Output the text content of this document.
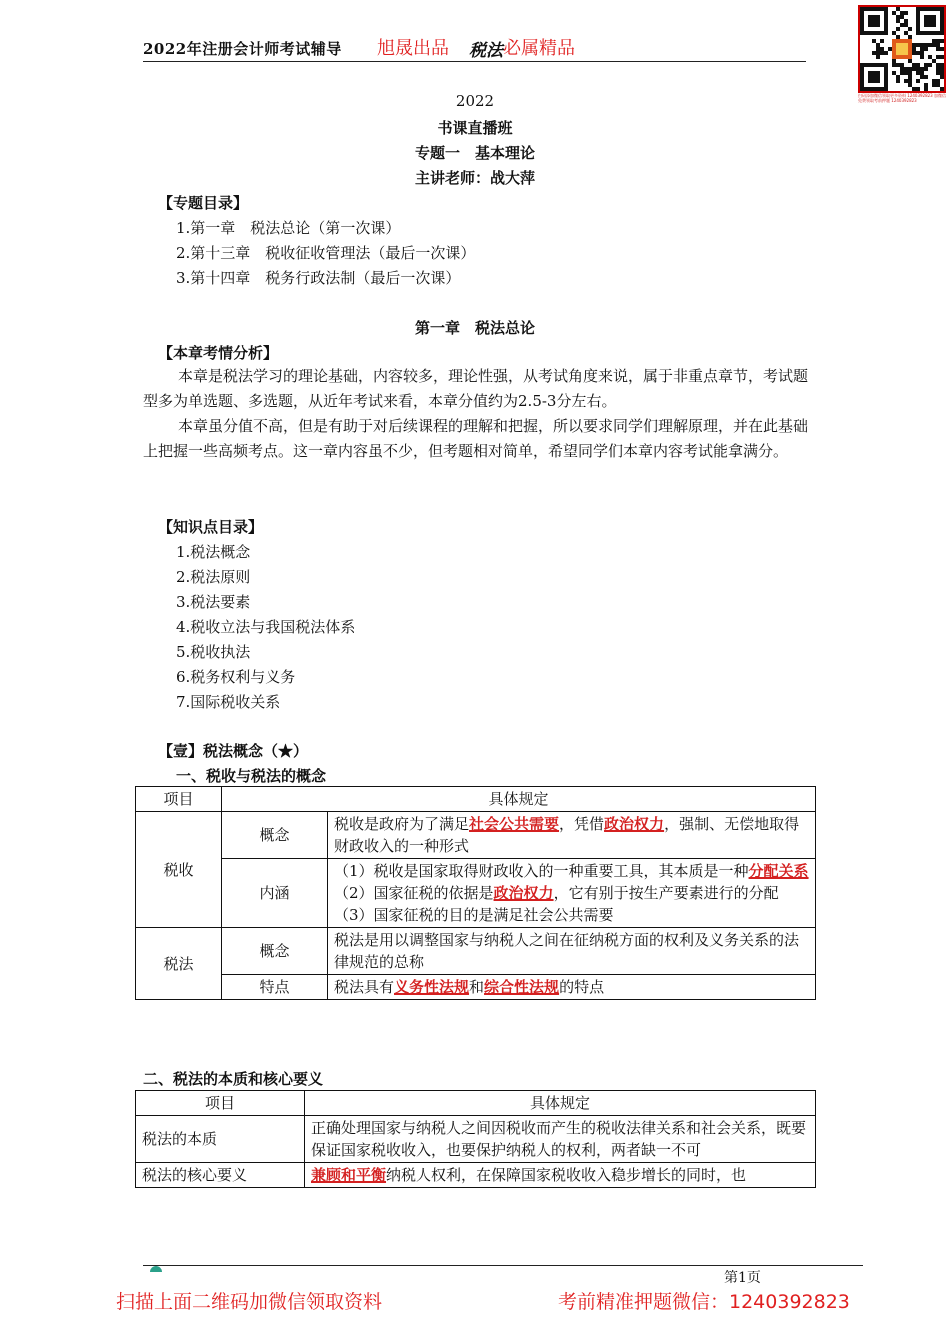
2022年注册会计师考试辅导 旭晟出品 税法 必属精品
扫码添加微信领取更多资料 1240392823 加微信 免费领取考前押题 1240392823
2022
书课直播班
专题一　基本理论
主讲老师：战大萍
【专题目录】
1.第一章　税法总论（第一次课）
2.第十三章　税收征收管理法（最后一次课）
3.第十四章　税务行政法制（最后一次课）
第一章　税法总论
【本章考情分析】
本章是税法学习的理论基础，内容较多，理论性强，从考试角度来说，属于非重点章节，考试题型多为单选题、多选题，从近年考试来看，本章分值约为2.5-3分左右。
本章虽分值不高，但是有助于对后续课程的理解和把握，所以要求同学们理解原理，并在此基础上把握一些高频考点。这一章内容虽不少，但考题相对简单，希望同学们本章内容考试能拿满分。
【知识点目录】
1.税法概念
2.税法原则
3.税法要素
4.税收立法与我国税法体系
5.税收执法
6.税务权利与义务
7.国际税收关系
【壹】税法概念（★）
一、税收与税法的概念
项目	具体规定	
税收	概念	税收是政府为了满足社会公共需要，凭借政治权力，强制、无偿地取得财政收入的一种形式
	内涵	（1）税收是国家取得财政收入的一种重要工具，其本质是一种分配关系
（2）国家征税的依据是政治权力，它有别于按生产要素进行的分配
（3）国家征税的目的是满足社会公共需要
税法	概念	税法是用以调整国家与纳税人之间在征纳税方面的权利及义务关系的法律规范的总称
	特点	税法具有义务性法规和综合性法规的特点
二、税法的本质和核心要义
项目	具体规定
税法的本质	正确处理国家与纳税人之间因税收而产生的税收法律关系和社会关系，既要保证国家税收收入，也要保护纳税人的权利，两者缺一不可
税法的核心要义	兼顾和平衡纳税人权利，在保障国家税收收入稳步增长的同时，也
第1页
扫描上面二维码加微信领取资料	考前精准押题微信：1240392823
